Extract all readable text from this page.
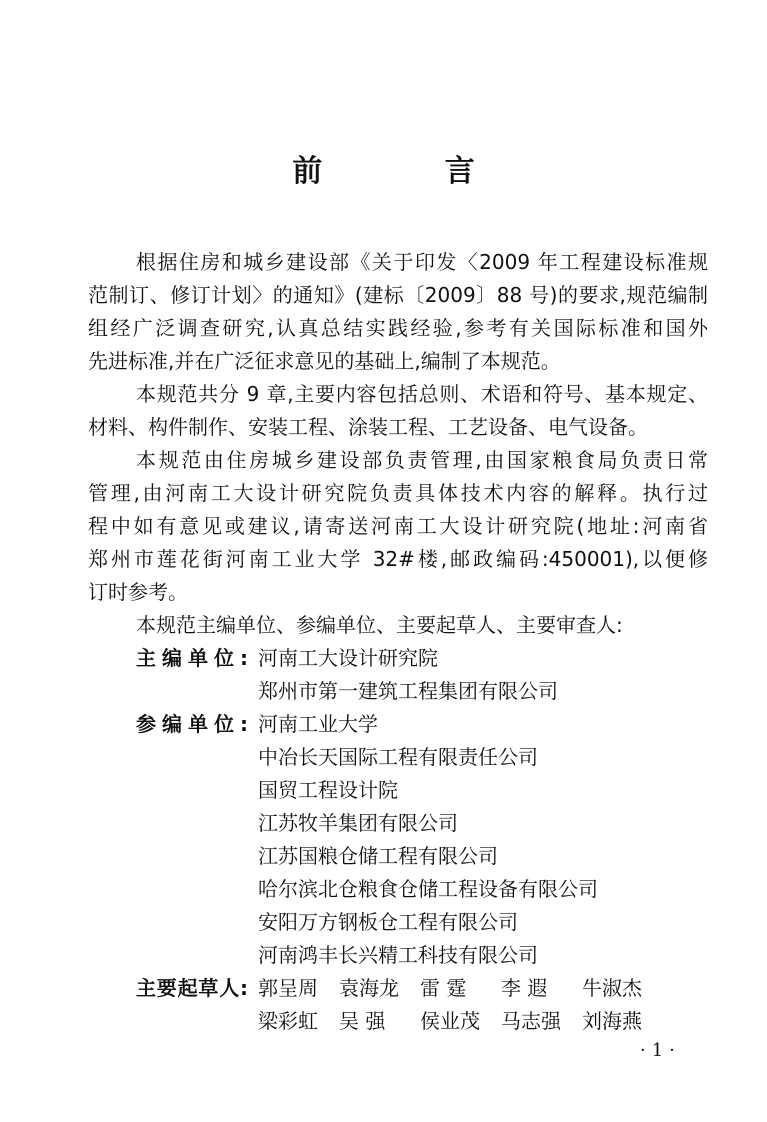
前 言
根据住房和城乡建设部《关于印发〈2009 年工程建设标准规
范制订、修订计划〉的通知》(建标〔2009〕88 号)的要求,规范编制
组经广泛调查研究,认真总结实践经验,参考有关国际标准和国外
先进标准,并在广泛征求意见的基础上,编制了本规范。
本规范共分 9 章,主要内容包括总则、术语和符号、基本规定、
材料、构件制作、安装工程、涂装工程、工艺设备、电气设备。
本规范由住房城乡建设部负责管理,由国家粮食局负责日常
管理,由河南工大设计研究院负责具体技术内容的解释。执行过
程中如有意见或建议,请寄送河南工大设计研究院(地址:河南省
郑州市莲花街河南工业大学 32#楼,邮政编码:450001),以便修
订时参考。
本规范主编单位、参编单位、主要起草人、主要审查人:
主编单位: 河南工大设计研究院
郑州市第一建筑工程集团有限公司
参编单位: 河南工业大学
中冶长天国际工程有限责任公司
国贸工程设计院
江苏牧羊集团有限公司
江苏国粮仓储工程有限公司
哈尔滨北仓粮食仓储工程设备有限公司
安阳万方钢板仓工程有限公司
河南鸿丰长兴精工科技有限公司
主要起草人: 郭呈周	袁海龙	雷 霆	李 遐	牛淑杰
梁彩虹	吴 强	侯业茂	马志强	刘海燕
·1·
